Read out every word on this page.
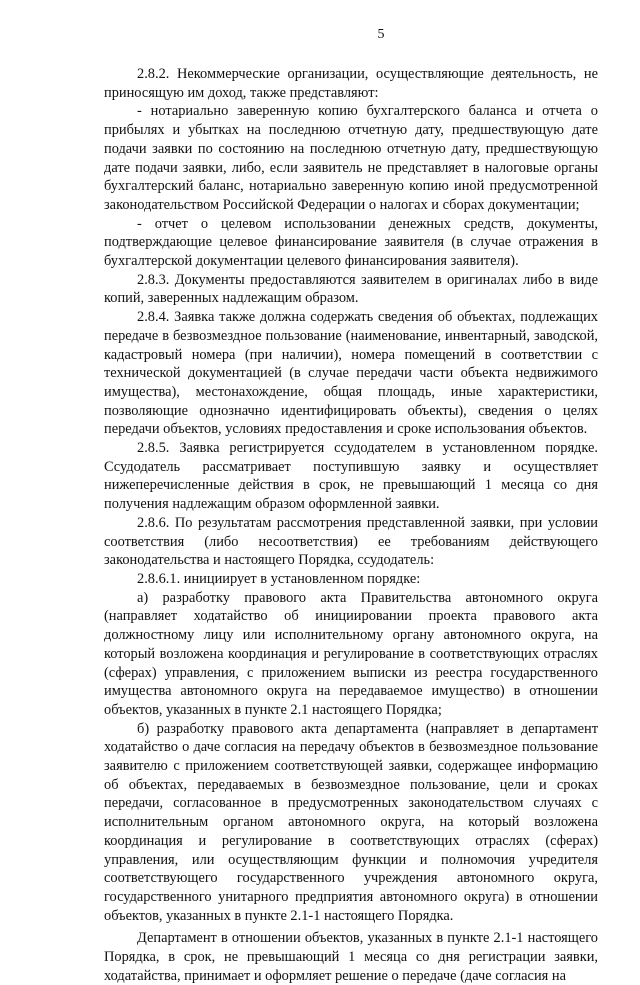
5

2.8.2. Некоммерческие организации, осуществляющие деятельность, не приносящую им доход, также представляют:

- нотариально заверенную копию бухгалтерского баланса и отчета о прибылях и убытках на последнюю отчетную дату, предшествующую дате подачи заявки по состоянию на последнюю отчетную дату, предшествующую дате подачи заявки, либо, если заявитель не представляет в налоговые органы бухгалтерский баланс, нотариально заверенную копию иной предусмотренной законодательством Российской Федерации о налогах и сборах документации;

- отчет о целевом использовании денежных средств, документы, подтверждающие целевое финансирование заявителя (в случае отражения в бухгалтерской документации целевого финансирования заявителя).

2.8.3. Документы предоставляются заявителем в оригиналах либо в виде копий, заверенных надлежащим образом.

2.8.4. Заявка также должна содержать сведения об объектах, подлежащих передаче в безвозмездное пользование (наименование, инвентарный, заводской, кадастровый номера (при наличии), номера помещений в соответствии с технической документацией (в случае передачи части объекта недвижимого имущества), местонахождение, общая площадь, иные характеристики, позволяющие однозначно идентифицировать объекты), сведения о целях передачи объектов, условиях предоставления и сроке использования объектов.

2.8.5. Заявка регистрируется ссудодателем в установленном порядке. Ссудодатель рассматривает поступившую заявку и осуществляет нижеперечисленные действия в срок, не превышающий 1 месяца со дня получения надлежащим образом оформленной заявки.

2.8.6. По результатам рассмотрения представленной заявки, при условии соответствия (либо несоответствия) ее требованиям действующего законодательства и настоящего Порядка, ссудодатель:

2.8.6.1. инициирует в установленном порядке:

а) разработку правового акта Правительства автономного округа (направляет ходатайство об инициировании проекта правового акта должностному лицу или исполнительному органу автономного округа, на который возложена координация и регулирование в соответствующих отраслях (сферах) управления, с приложением выписки из реестра государственного имущества автономного округа на передаваемое имущество) в отношении объектов, указанных в пункте 2.1 настоящего Порядка;

б) разработку правового акта департамента (направляет в департамент ходатайство о даче согласия на передачу объектов в безвозмездное пользование заявителю с приложением соответствующей заявки, содержащее информацию об объектах, передаваемых в безвозмездное пользование, цели и сроках передачи, согласованное в предусмотренных законодательством случаях с исполнительным органом автономного округа, на который возложена координация и регулирование в соответствующих отраслях (сферах) управления, или осуществляющим функции и полномочия учредителя соответствующего государственного учреждения автономного округа, государственного унитарного предприятия автономного округа) в отношении объектов, указанных в пункте 2.1-1 настоящего Порядка.

Департамент в отношении объектов, указанных в пункте 2.1-1 настоящего Порядка, в срок, не превышающий 1 месяца со дня регистрации заявки, ходатайства, принимает и оформляет решение о передаче (даче согласия на
